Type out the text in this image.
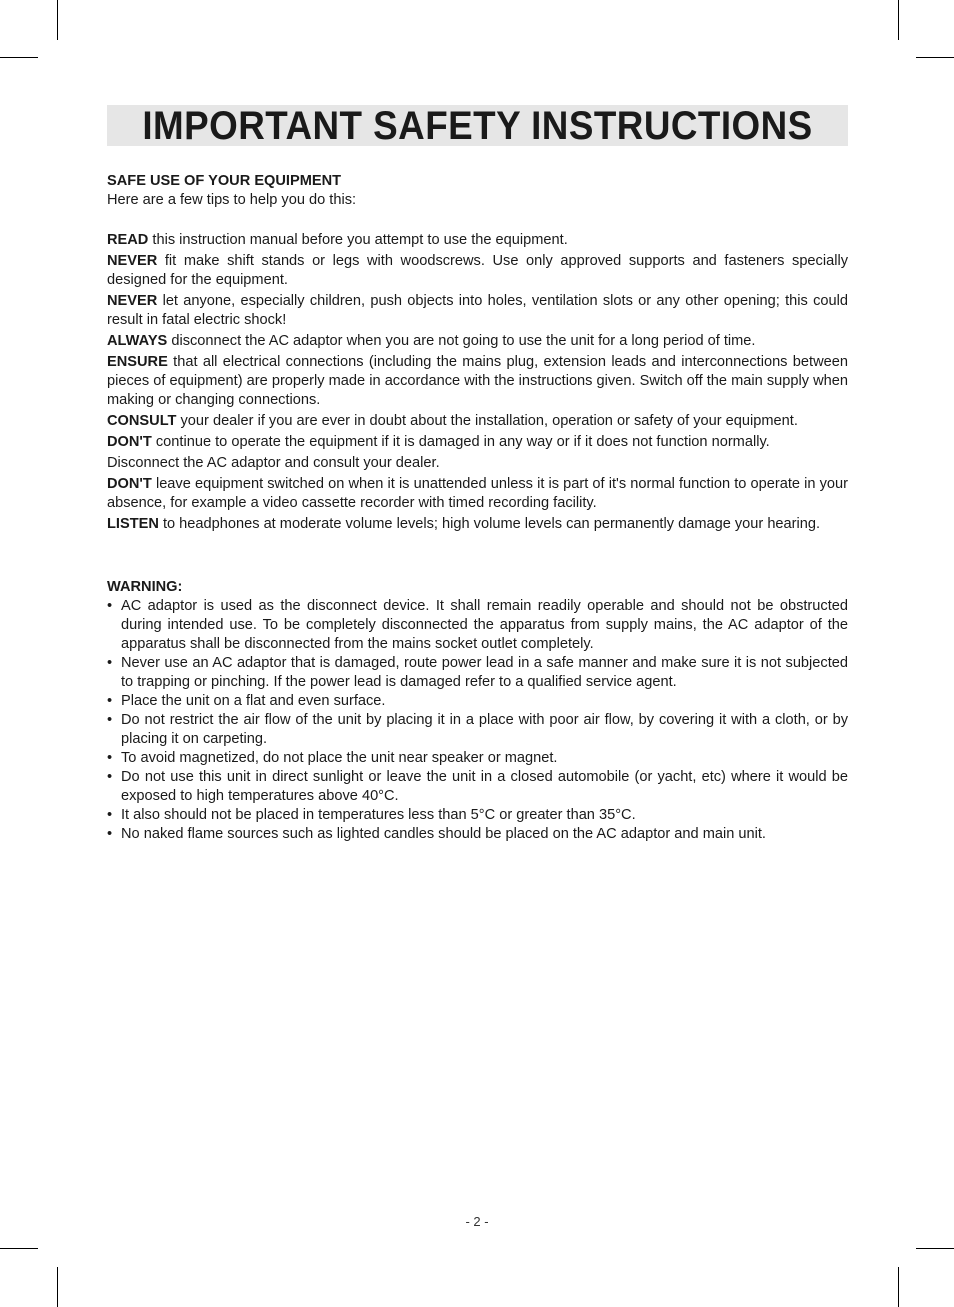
IMPORTANT SAFETY INSTRUCTIONS

SAFE USE OF YOUR EQUIPMENT

Here are a few tips to help you do this:

READ this instruction manual before you attempt to use the equipment.

NEVER fit make shift stands or legs with woodscrews. Use only approved supports and fasteners specially designed for the equipment.

NEVER let anyone, especially children, push objects into holes, ventilation slots or any other opening; this could result in fatal electric shock!

ALWAYS disconnect the AC adaptor when you are not going to use the unit for a long period of time.

ENSURE that all electrical connections (including the mains plug, extension leads and interconnections between pieces of equipment) are properly made in accordance with the instructions given. Switch off the main supply when making or changing connections.

CONSULT your dealer if you are ever in doubt about the installation, operation or safety of your equipment.

DON'T continue to operate the equipment if it is damaged in any way or if it does not function normally.

Disconnect the AC adaptor and consult your dealer.

DON'T leave equipment switched on when it is unattended unless it is part of it's normal function to operate in your absence, for example a video cassette recorder with timed recording facility.

LISTEN to headphones at moderate volume levels; high volume levels can permanently damage your hearing.

WARNING:

• AC adaptor is used as the disconnect device. It shall remain readily operable and should not be obstructed during intended use. To be completely disconnected the apparatus from supply mains, the AC adaptor of the apparatus shall be disconnected from the mains socket outlet completely.
• Never use an AC adaptor that is damaged, route power lead in a safe manner and make sure it is not subjected to trapping or pinching. If the power lead is damaged refer to a qualified service agent.
• Place the unit on a flat and even surface.
• Do not restrict the air flow of the unit by placing it in a place with poor air flow, by covering it with a cloth, or by placing it on carpeting.
• To avoid magnetized, do not place the unit near speaker or magnet.
• Do not use this unit in direct sunlight or leave the unit in a closed automobile (or yacht, etc) where it would be exposed to high temperatures above 40°C.
• It also should not be placed in temperatures less than 5°C or greater than 35°C.
• No naked flame sources such as lighted candles should be placed on the AC adaptor and main unit.
- 2 -
